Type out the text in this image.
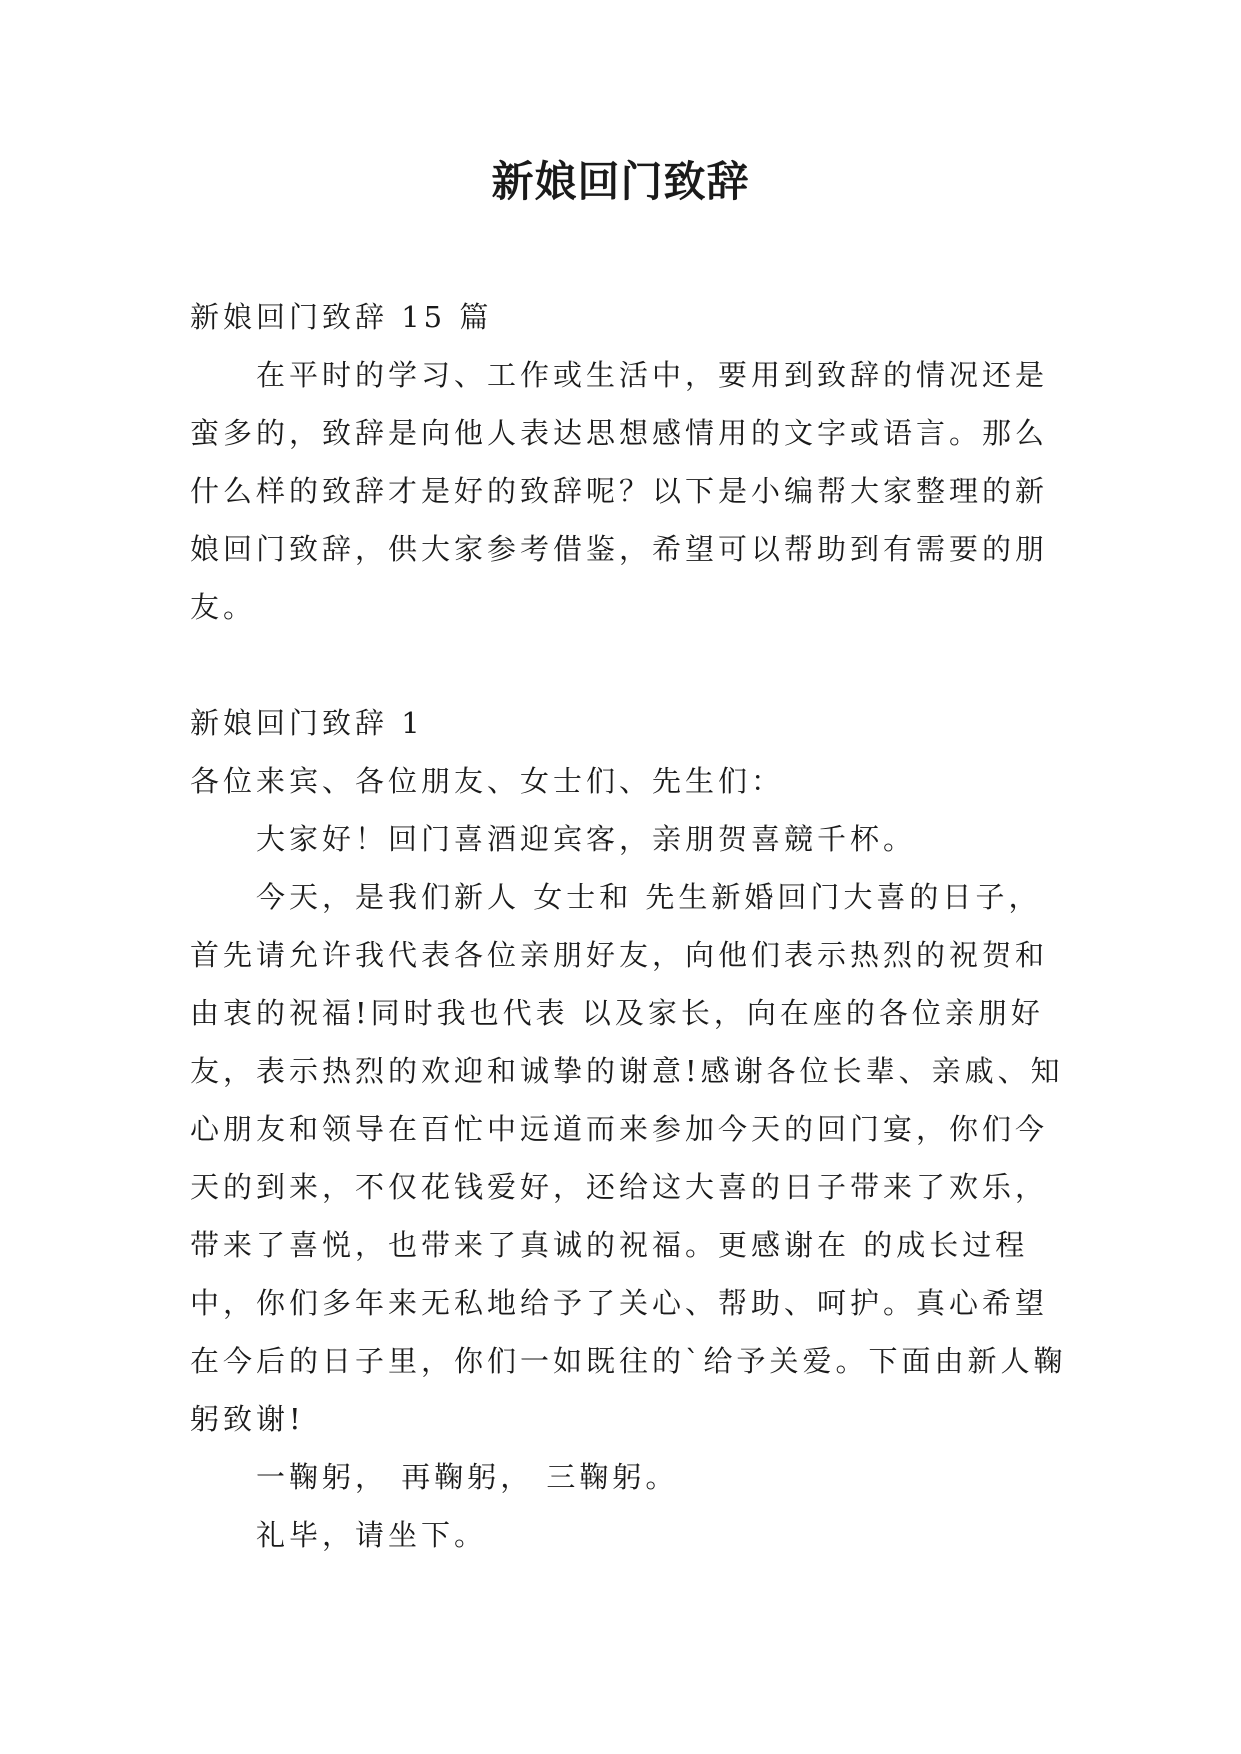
新娘回门致辞

新娘回门致辞 15 篇

在平时的学习、工作或生活中，要用到致辞的情况还是蛮多的，致辞是向他人表达思想感情用的文字或语言。那么什么样的致辞才是好的致辞呢？以下是小编帮大家整理的新娘回门致辞，供大家参考借鉴，希望可以帮助到有需要的朋友。

新娘回门致辞 1

各位来宾、各位朋友、女士们、先生们：

大家好！回门喜酒迎宾客，亲朋贺喜競千杯。

今天，是我们新人 女士和 先生新婚回门大喜的日子，首先请允许我代表各位亲朋好友，向他们表示热烈的祝贺和由衷的祝福!同时我也代表 以及家长，向在座的各位亲朋好友，表示热烈的欢迎和诚挚的谢意!感谢各位长辈、亲戚、知心朋友和领导在百忙中远道而来参加今天的回门宴，你们今天的到来，不仅花钱爱好，还给这大喜的日子带来了欢乐，带来了喜悦，也带来了真诚的祝福。更感谢在 的成长过程中，你们多年来无私地给予了关心、帮助、呵护。真心希望在今后的日子里，你们一如既往的`给予关爱。下面由新人鞠躬致谢!

一鞠躬， 再鞠躬， 三鞠躬。

礼毕，请坐下。
